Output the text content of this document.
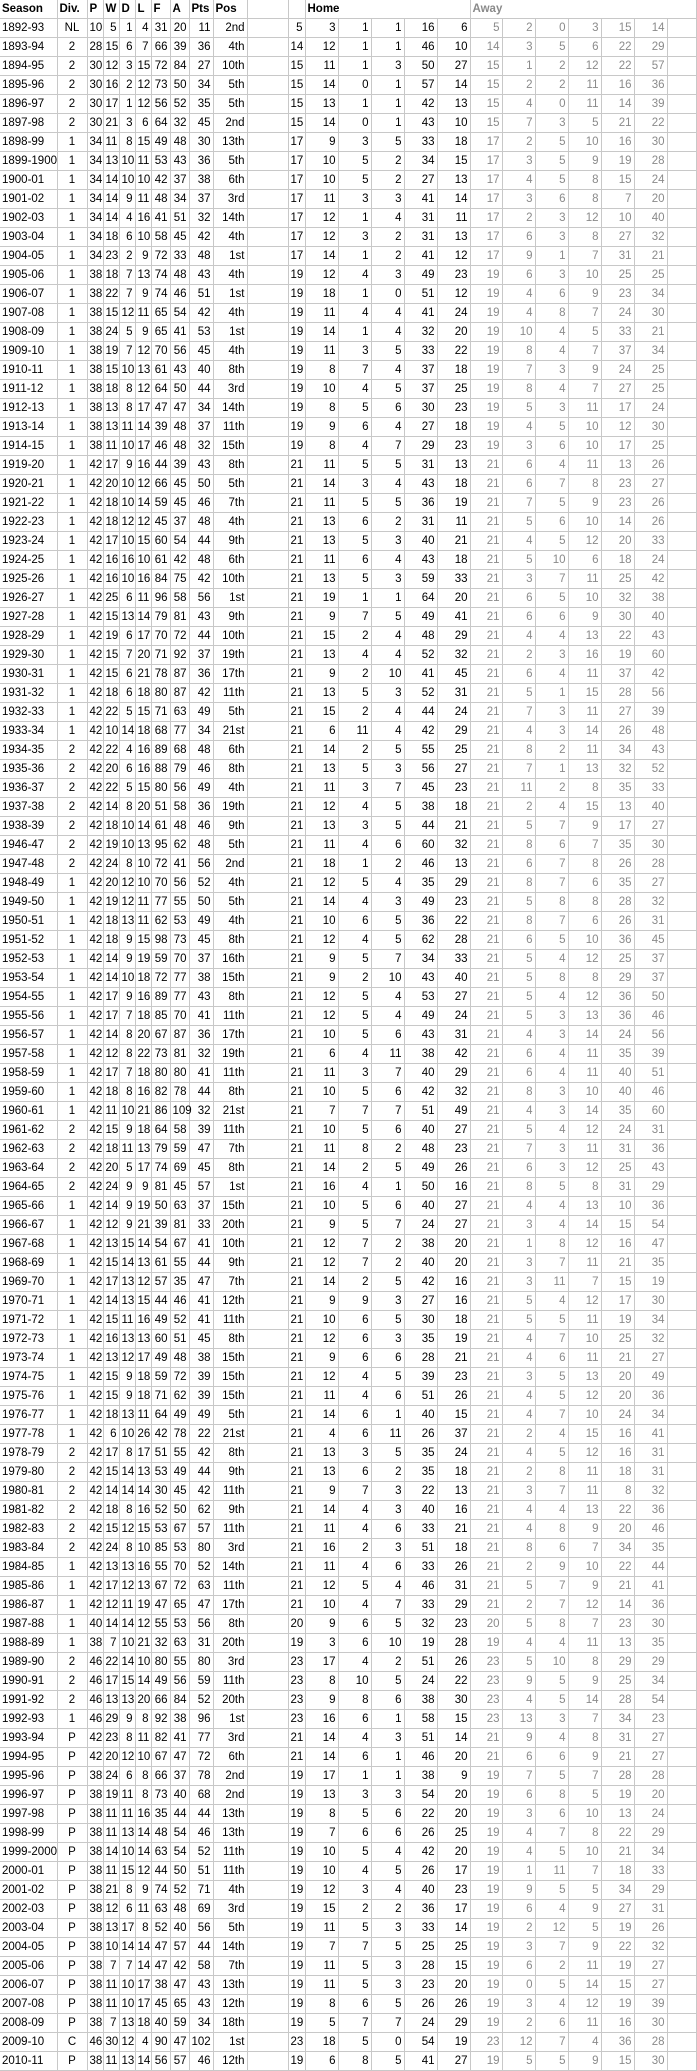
Season	Div.	P	W	D	L	F	A	Pts	Pos			Home					Away						
1892-93	NL	10	5	1	4	31	20	11	2nd		5	3	1	1	16	6	5	2	0	3	15	14	
1893-94	2	28	15	6	7	66	39	36	4th		14	12	1	1	46	10	14	3	5	6	22	29	
1894-95	2	30	12	3	15	72	84	27	10th		15	11	1	3	50	27	15	1	2	12	22	57	
1895-96	2	30	16	2	12	73	50	34	5th		15	14	0	1	57	14	15	2	2	11	16	36	
1896-97	2	30	17	1	12	56	52	35	5th		15	13	1	1	42	13	15	4	0	11	14	39	
1897-98	2	30	21	3	6	64	32	45	2nd		15	14	0	1	43	10	15	7	3	5	21	22	
1898-99	1	34	11	8	15	49	48	30	13th		17	9	3	5	33	18	17	2	5	10	16	30	
1899-1900	1	34	13	10	11	53	43	36	5th		17	10	5	2	34	15	17	3	5	9	19	28	
1900-01	1	34	14	10	10	42	37	38	6th		17	10	5	2	27	13	17	4	5	8	15	24	
1901-02	1	34	14	9	11	48	34	37	3rd		17	11	3	3	41	14	17	3	6	8	7	20	
1902-03	1	34	14	4	16	41	51	32	14th		17	12	1	4	31	11	17	2	3	12	10	40	
1903-04	1	34	18	6	10	58	45	42	4th		17	12	3	2	31	13	17	6	3	8	27	32	
1904-05	1	34	23	2	9	72	33	48	1st		17	14	1	2	41	12	17	9	1	7	31	21	
1905-06	1	38	18	7	13	74	48	43	4th		19	12	4	3	49	23	19	6	3	10	25	25	
1906-07	1	38	22	7	9	74	46	51	1st		19	18	1	0	51	12	19	4	6	9	23	34	
1907-08	1	38	15	12	11	65	54	42	4th		19	11	4	4	41	24	19	4	8	7	24	30	
1908-09	1	38	24	5	9	65	41	53	1st		19	14	1	4	32	20	19	10	4	5	33	21	
1909-10	1	38	19	7	12	70	56	45	4th		19	11	3	5	33	22	19	8	4	7	37	34	
1910-11	1	38	15	10	13	61	43	40	8th		19	8	7	4	37	18	19	7	3	9	24	25	
1911-12	1	38	18	8	12	64	50	44	3rd		19	10	4	5	37	25	19	8	4	7	27	25	
1912-13	1	38	13	8	17	47	47	34	14th		19	8	5	6	30	23	19	5	3	11	17	24	
1913-14	1	38	13	11	14	39	48	37	11th		19	9	6	4	27	18	19	4	5	10	12	30	
1914-15	1	38	11	10	17	46	48	32	15th		19	8	4	7	29	23	19	3	6	10	17	25	
1919-20	1	42	17	9	16	44	39	43	8th		21	11	5	5	31	13	21	6	4	11	13	26	
1920-21	1	42	20	10	12	66	45	50	5th		21	14	3	4	43	18	21	6	7	8	23	27	
1921-22	1	42	18	10	14	59	45	46	7th		21	11	5	5	36	19	21	7	5	9	23	26	
1922-23	1	42	18	12	12	45	37	48	4th		21	13	6	2	31	11	21	5	6	10	14	26	
1923-24	1	42	17	10	15	60	54	44	9th		21	13	5	3	40	21	21	4	5	12	20	33	
1924-25	1	42	16	16	10	61	42	48	6th		21	11	6	4	43	18	21	5	10	6	18	24	
1925-26	1	42	16	10	16	84	75	42	10th		21	13	5	3	59	33	21	3	7	11	25	42	
1926-27	1	42	25	6	11	96	58	56	1st		21	19	1	1	64	20	21	6	5	10	32	38	
1927-28	1	42	15	13	14	79	81	43	9th		21	9	7	5	49	41	21	6	6	9	30	40	
1928-29	1	42	19	6	17	70	72	44	10th		21	15	2	4	48	29	21	4	4	13	22	43	
1929-30	1	42	15	7	20	71	92	37	19th		21	13	4	4	52	32	21	2	3	16	19	60	
1930-31	1	42	15	6	21	78	87	36	17th		21	9	2	10	41	45	21	6	4	11	37	42	
1931-32	1	42	18	6	18	80	87	42	11th		21	13	5	3	52	31	21	5	1	15	28	56	
1932-33	1	42	22	5	15	71	63	49	5th		21	15	2	4	44	24	21	7	3	11	27	39	
1933-34	1	42	10	14	18	68	77	34	21st		21	6	11	4	42	29	21	4	3	14	26	48	
1934-35	2	42	22	4	16	89	68	48	6th		21	14	2	5	55	25	21	8	2	11	34	43	
1935-36	2	42	20	6	16	88	79	46	8th		21	13	5	3	56	27	21	7	1	13	32	52	
1936-37	2	42	22	5	15	80	56	49	4th		21	11	3	7	45	23	21	11	2	8	35	33	
1937-38	2	42	14	8	20	51	58	36	19th		21	12	4	5	38	18	21	2	4	15	13	40	
1938-39	2	42	18	10	14	61	48	46	9th		21	13	3	5	44	21	21	5	7	9	17	27	
1946-47	2	42	19	10	13	95	62	48	5th		21	11	4	6	60	32	21	8	6	7	35	30	
1947-48	2	42	24	8	10	72	41	56	2nd		21	18	1	2	46	13	21	6	7	8	26	28	
1948-49	1	42	20	12	10	70	56	52	4th		21	12	5	4	35	29	21	8	7	6	35	27	
1949-50	1	42	19	12	11	77	55	50	5th		21	14	4	3	49	23	21	5	8	8	28	32	
1950-51	1	42	18	13	11	62	53	49	4th		21	10	6	5	36	22	21	8	7	6	26	31	
1951-52	1	42	18	9	15	98	73	45	8th		21	12	4	5	62	28	21	6	5	10	36	45	
1952-53	1	42	14	9	19	59	70	37	16th		21	9	5	7	34	33	21	5	4	12	25	37	
1953-54	1	42	14	10	18	72	77	38	15th		21	9	2	10	43	40	21	5	8	8	29	37	
1954-55	1	42	17	9	16	89	77	43	8th		21	12	5	4	53	27	21	5	4	12	36	50	
1955-56	1	42	17	7	18	85	70	41	11th		21	12	5	4	49	24	21	5	3	13	36	46	
1956-57	1	42	14	8	20	67	87	36	17th		21	10	5	6	43	31	21	4	3	14	24	56	
1957-58	1	42	12	8	22	73	81	32	19th		21	6	4	11	38	42	21	6	4	11	35	39	
1958-59	1	42	17	7	18	80	80	41	11th		21	11	3	7	40	29	21	6	4	11	40	51	
1959-60	1	42	18	8	16	82	78	44	8th		21	10	5	6	42	32	21	8	3	10	40	46	
1960-61	1	42	11	10	21	86	109	32	21st		21	7	7	7	51	49	21	4	3	14	35	60	
1961-62	2	42	15	9	18	64	58	39	11th		21	10	5	6	40	27	21	5	4	12	24	31	
1962-63	2	42	18	11	13	79	59	47	7th		21	11	8	2	48	23	21	7	3	11	31	36	
1963-64	2	42	20	5	17	74	69	45	8th		21	14	2	5	49	26	21	6	3	12	25	43	
1964-65	2	42	24	9	9	81	45	57	1st		21	16	4	1	50	16	21	8	5	8	31	29	
1965-66	1	42	14	9	19	50	63	37	15th		21	10	5	6	40	27	21	4	4	13	10	36	
1966-67	1	42	12	9	21	39	81	33	20th		21	9	5	7	24	27	21	3	4	14	15	54	
1967-68	1	42	13	15	14	54	67	41	10th		21	12	7	2	38	20	21	1	8	12	16	47	
1968-69	1	42	15	14	13	61	55	44	9th		21	12	7	2	40	20	21	3	7	11	21	35	
1969-70	1	42	17	13	12	57	35	47	7th		21	14	2	5	42	16	21	3	11	7	15	19	
1970-71	1	42	14	13	15	44	46	41	12th		21	9	9	3	27	16	21	5	4	12	17	30	
1971-72	1	42	15	11	16	49	52	41	11th		21	10	6	5	30	18	21	5	5	11	19	34	
1972-73	1	42	16	13	13	60	51	45	8th		21	12	6	3	35	19	21	4	7	10	25	32	
1973-74	1	42	13	12	17	49	48	38	15th		21	9	6	6	28	21	21	4	6	11	21	27	
1974-75	1	42	15	9	18	59	72	39	15th		21	12	4	5	39	23	21	3	5	13	20	49	
1975-76	1	42	15	9	18	71	62	39	15th		21	11	4	6	51	26	21	4	5	12	20	36	
1976-77	1	42	18	13	11	64	49	49	5th		21	14	6	1	40	15	21	4	7	10	24	34	
1977-78	1	42	6	10	26	42	78	22	21st		21	4	6	11	26	37	21	2	4	15	16	41	
1978-79	2	42	17	8	17	51	55	42	8th		21	13	3	5	35	24	21	4	5	12	16	31	
1979-80	2	42	15	14	13	53	49	44	9th		21	13	6	2	35	18	21	2	8	11	18	31	
1980-81	2	42	14	14	14	30	45	42	11th		21	9	7	3	22	13	21	3	7	11	8	32	
1981-82	2	42	18	8	16	52	50	62	9th		21	14	4	3	40	16	21	4	4	13	22	36	
1982-83	2	42	15	12	15	53	67	57	11th		21	11	4	6	33	21	21	4	8	9	20	46	
1983-84	2	42	24	8	10	85	53	80	3rd		21	16	2	3	51	18	21	8	6	7	34	35	
1984-85	1	42	13	13	16	55	70	52	14th		21	11	4	6	33	26	21	2	9	10	22	44	
1985-86	1	42	17	12	13	67	72	63	11th		21	12	5	4	46	31	21	5	7	9	21	41	
1986-87	1	42	12	11	19	47	65	47	17th		21	10	4	7	33	29	21	2	7	12	14	36	
1987-88	1	40	14	14	12	55	53	56	8th		20	9	6	5	32	23	20	5	8	7	23	30	
1988-89	1	38	7	10	21	32	63	31	20th		19	3	6	10	19	28	19	4	4	11	13	35	
1989-90	2	46	22	14	10	80	55	80	3rd		23	17	4	2	51	26	23	5	10	8	29	29	
1990-91	2	46	17	15	14	49	56	59	11th		23	8	10	5	24	22	23	9	5	9	25	34	
1991-92	2	46	13	13	20	66	84	52	20th		23	9	8	6	38	30	23	4	5	14	28	54	
1992-93	1	46	29	9	8	92	38	96	1st		23	16	6	1	58	15	23	13	3	7	34	23	
1993-94	P	42	23	8	11	82	41	77	3rd		21	14	4	3	51	14	21	9	4	8	31	27	
1994-95	P	42	20	12	10	67	47	72	6th		21	14	6	1	46	20	21	6	6	9	21	27	
1995-96	P	38	24	6	8	66	37	78	2nd		19	17	1	1	38	9	19	7	5	7	28	28	
1996-97	P	38	19	11	8	73	40	68	2nd		19	13	3	3	54	20	19	6	8	5	19	20	
1997-98	P	38	11	11	16	35	44	44	13th		19	8	5	6	22	20	19	3	6	10	13	24	
1998-99	P	38	11	13	14	48	54	46	13th		19	7	6	6	26	25	19	4	7	8	22	29	
1999-2000	P	38	14	10	14	63	54	52	11th		19	10	5	4	42	20	19	4	5	10	21	34	
2000-01	P	38	11	15	12	44	50	51	11th		19	10	4	5	26	17	19	1	11	7	18	33	
2001-02	P	38	21	8	9	74	52	71	4th		19	12	3	4	40	23	19	9	5	5	34	29	
2002-03	P	38	12	6	11	63	48	69	3rd		19	15	2	2	36	17	19	6	4	9	27	31	
2003-04	P	38	13	17	8	52	40	56	5th		19	11	5	3	33	14	19	2	12	5	19	26	
2004-05	P	38	10	14	14	47	57	44	14th		19	7	7	5	25	25	19	3	7	9	22	32	
2005-06	P	38	7	7	14	47	42	58	7th		19	11	5	3	28	15	19	6	2	11	19	27	
2006-07	P	38	11	10	17	38	47	43	13th		19	11	5	3	23	20	19	0	5	14	15	27	
2007-08	P	38	11	10	17	45	65	43	12th		19	8	6	5	26	26	19	3	4	12	19	39	
2008-09	P	38	7	13	18	40	59	34	18th		19	5	7	7	24	29	19	2	6	11	16	30	
2009-10	C	46	30	12	4	90	47	102	1st		23	18	5	0	54	19	23	12	7	4	36	28	
2010-11	P	38	11	13	14	56	57	46	12th		19	6	8	5	41	27	19	5	5	9	15	30	
